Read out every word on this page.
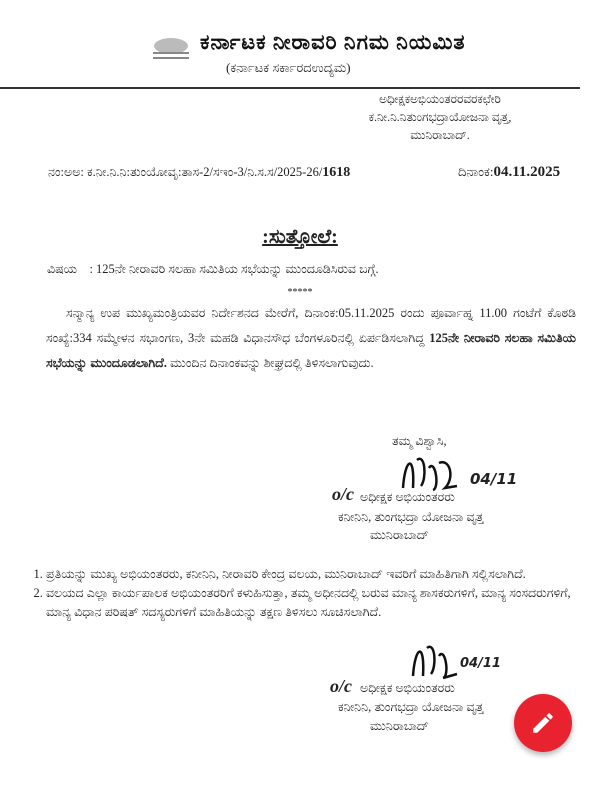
ಕರ್ನಾಟಕ ನೀರಾವರಿ ನಿಗಮ ನಿಯಮಿತ
(ಕರ್ನಾಟಕ ಸರ್ಕಾರದಉದ್ಯಮ)
ಅಧೀಕ್ಷಕಅಭಿಯಂತರರವರಕಛೇರಿ
ಕ.ನೀ.ನಿ.ನಿತುಂಗಭದ್ರಾಯೋಜನಾ ವೃತ್ತ,
ಮುನಿರಾಬಾದ್.
ನಂ:ಅಅ: ಕ.ನೀ.ನಿ.ನಿ:ತುಂಯೋವೃ:ತಾಸ-2/ಸಇಂ-3/ನಿ.ಸ.ಸ/2025-26/1618	ದಿನಾಂಕ:04.11.2025
:ಸುತ್ತೋಲೆ:
ವಿಷಯ : 125ನೇ ನೀರಾವರಿ ಸಲಹಾ ಸಮಿತಿಯ ಸಭೆಯನ್ನು ಮುಂದೂಡಿಸಿರುವ ಬಗ್ಗೆ.
*****
ಸನ್ಮಾನ್ಯ ಉಪ ಮುಖ್ಯಮಂತ್ರಿಯವರ ನಿರ್ದೇಶನದ ಮೇರೆಗೆ, ದಿನಾಂಕ:05.11.2025 ರಂದು ಪೂರ್ವಾಹ್ನ 11.00 ಗಂಟೆಗೆ ಕೊಠಡಿ ಸಂಖ್ಯೆ:334 ಸಮ್ಮೇಳನ ಸಭಾಂಗಣ, 3ನೇ ಮಹಡಿ ವಿಧಾನಸೌಧ ಬೆಂಗಳೂರಿನಲ್ಲಿ ಏರ್ಪಡಿಸಲಾಗಿದ್ದ 125ನೇ ನೀರಾವರಿ ಸಲಹಾ ಸಮಿತಿಯ ಸಭೆಯನ್ನು ಮುಂದೂಡಲಾಗಿದೆ. ಮುಂದಿನ ದಿನಾಂಕವನ್ನು ಶೀಘ್ರದಲ್ಲಿ ತಿಳಿಸಲಾಗುವುದು.
ತಮ್ಮ ವಿಶ್ವಾಸಿ,
04/11
o/c ಅಧೀಕ್ಷಕ ಅಭಿಯಂತರರು
ಕನೀನಿನಿ, ತುಂಗಭದ್ರಾ ಯೋಜನಾ ವೃತ್ತ
ಮುನಿರಾಬಾದ್
1. ಪ್ರತಿಯನ್ನು ಮುಖ್ಯ ಅಭಿಯಂತರರು, ಕನೀನಿನಿ, ನೀರಾವರಿ ಕೇಂದ್ರ ವಲಯ, ಮುನಿರಾಬಾದ್ ಇವರಿಗೆ ಮಾಹಿತಿಗಾಗಿ ಸಲ್ಲಿಸಲಾಗಿದೆ.
2. ವಲಯದ ಎಲ್ಲಾ ಕಾರ್ಯಪಾಲಕ ಅಭಿಯಂತರರಿಗೆ ಕಳುಹಿಸುತ್ತಾ, ತಮ್ಮ ಅಧೀನದಲ್ಲಿ ಬರುವ ಮಾನ್ಯ ಶಾಸಕರುಗಳಿಗೆ, ಮಾನ್ಯ ಸಂಸದರುಗಳಿಗೆ, ಮಾನ್ಯ ವಿಧಾನ ಪರಿಷತ್ ಸದಸ್ಯರುಗಳಿಗೆ ಮಾಹಿತಿಯನ್ನು ತಕ್ಷಣ ತಿಳಿಸಲು ಸೂಚಿಸಲಾಗಿದೆ.
04/11
o/c ಅಧೀಕ್ಷಕ ಅಭಿಯಂತರರು
ಕನೀನಿನಿ, ತುಂಗಭದ್ರಾ ಯೋಜನಾ ವೃತ್ತ
ಮುನಿರಾಬಾದ್
